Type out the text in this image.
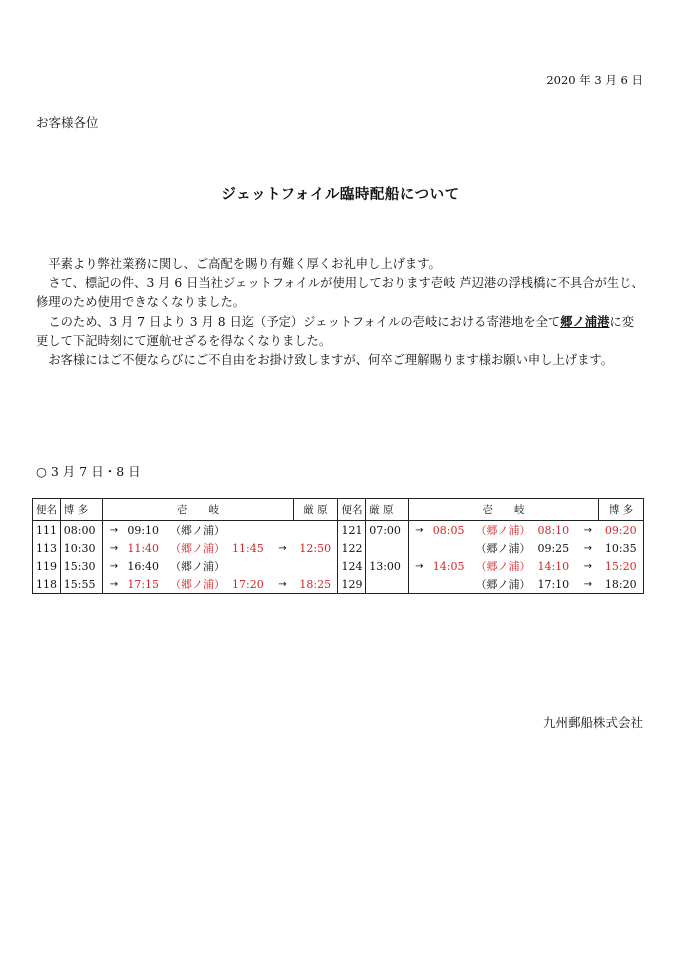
2020 年 3 月 6 日
お客様各位
ジェットフォイル臨時配船について

　平素より弊社業務に関し、ご高配を賜り有難く厚くお礼申し上げます。

　さて、標記の件、3 月 6 日当社ジェットフォイルが使用しております壱岐 芦辺港の浮桟橋に不具合が生じ、修理のため使用できなくなりました。

　このため、3 月 7 日より 3 月 8 日迄（予定）ジェットフォイルの壱岐における寄港地を全て郷ノ浦港に変更して下記時刻にて運航せざるを得なくなりました。

　お客様にはご不便ならびにご不自由をお掛け致しますが、何卒ご理解賜ります様お願い申し上げます。

○ 3 月 7 日・8 日
便名	博 多	壱　　岐					厳 原	便名	厳 原	壱　　岐					博 多
111	08:00	→	09:10	（郷ノ浦）				121	07:00	→	08:05	（郷ノ浦）	08:10	→	09:20
113	10:30	→	11:40	（郷ノ浦）	11:45	→	12:50	122				（郷ノ浦）	09:25	→	10:35
119	15:30	→	16:40	（郷ノ浦）				124	13:00	→	14:05	（郷ノ浦）	14:10	→	15:20
118	15:55	→	17:15	（郷ノ浦）	17:20	→	18:25	129				（郷ノ浦）	17:10	→	18:20
九州郵船株式会社
